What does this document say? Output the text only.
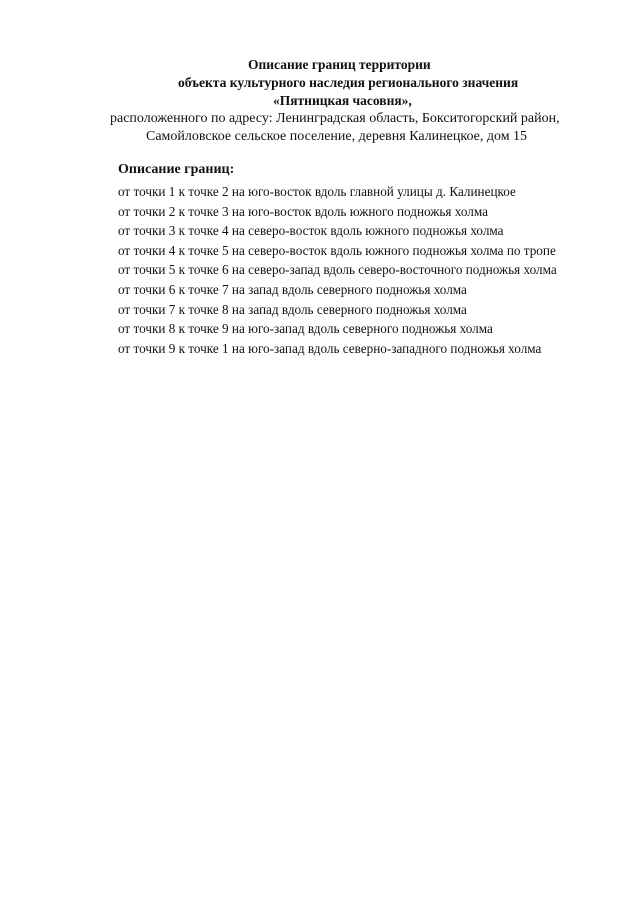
Описание границ территории
объекта культурного наследия регионального значения
«Пятницкая часовня»,
расположенного по адресу: Ленинградская область, Бокситогорский район,
Самойловское сельское поселение, деревня Калинецкое, дом 15
Описание границ:
от точки 1 к точке 2 на юго-восток вдоль главной улицы д. Калинецкое
от точки 2 к точке 3 на юго-восток вдоль южного подножья холма
от точки 3 к точке 4 на северо-восток вдоль южного подножья холма
от точки 4 к точке 5 на северо-восток вдоль южного подножья холма по тропе
от точки 5 к точке 6 на северо-запад вдоль северо-восточного подножья холма
от точки 6 к точке 7 на запад вдоль северного подножья холма
от точки 7 к точке 8 на запад вдоль северного подножья холма
от точки 8 к точке 9 на юго-запад вдоль северного подножья холма
от точки 9 к точке 1 на юго-запад вдоль северно-западного подножья холма
